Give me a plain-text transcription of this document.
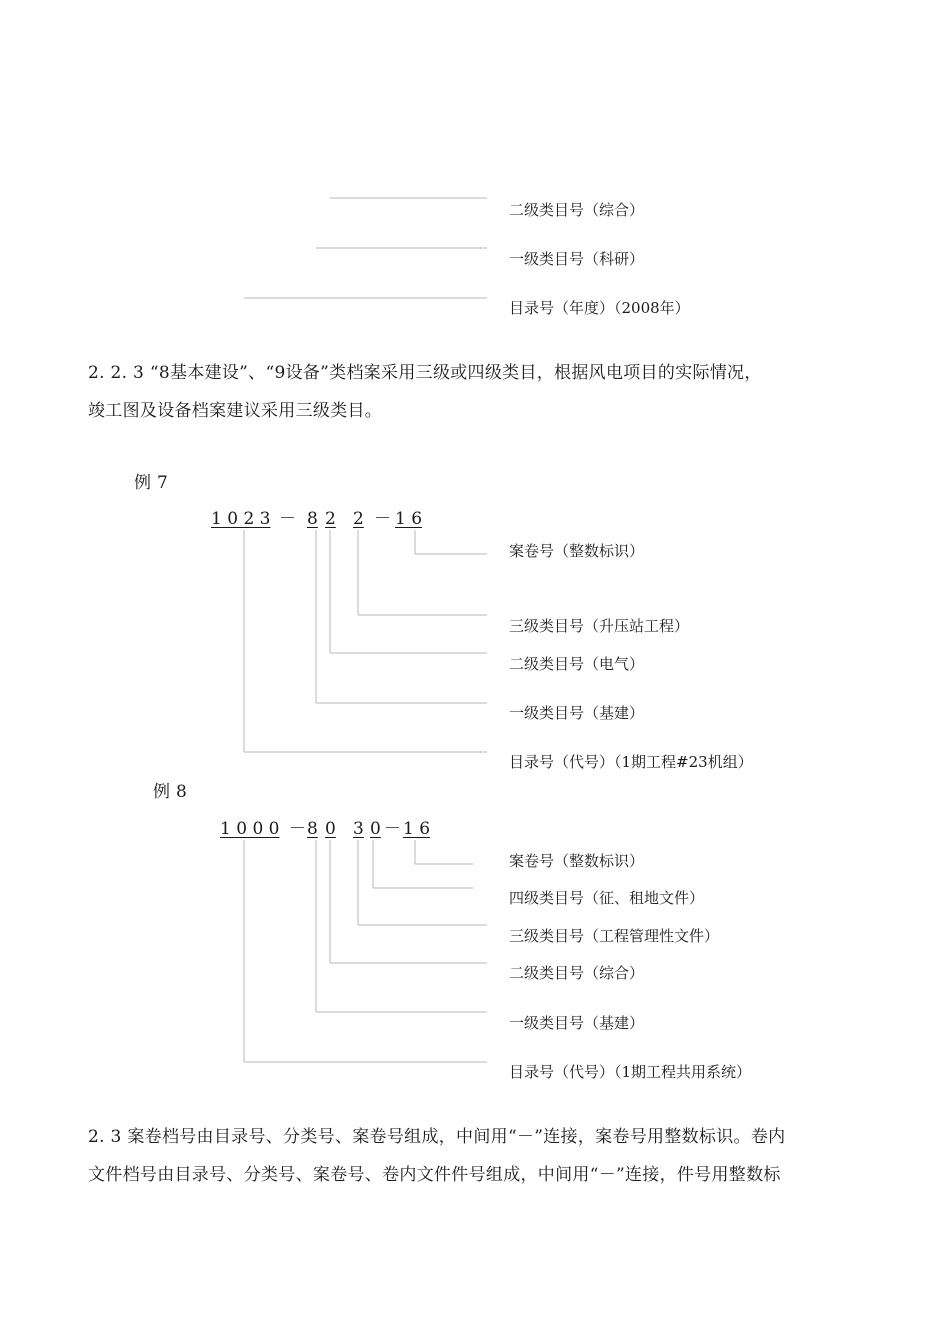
二级类目号（综合）
一级类目号（科研）
目录号（年度）（2008年）
2. 2. 3 “8基本建设”、“9设备”类档案采用三级或四级类目，根据风电项目的实际情况，
竣工图及设备档案建议采用三级类目。
例 7
1 0 2 3 － 8 2 2 － 1 6
案卷号（整数标识）
三级类目号（升压站工程）
二级类目号（电气）
一级类目号（基建）
目录号（代号）（1期工程#23机组）
例 8
1 0 0 0 － 8 0 3 0 － 1 6
案卷号（整数标识）
四级类目号（征、租地文件）
三级类目号（工程管理性文件）
二级类目号（综合）
一级类目号（基建）
目录号（代号）（1期工程共用系统）
2. 3 案卷档号由目录号、分类号、案卷号组成，中间用“－”连接，案卷号用整数标识。卷内
文件档号由目录号、分类号、案卷号、卷内文件件号组成，中间用“－”连接，件号用整数标
